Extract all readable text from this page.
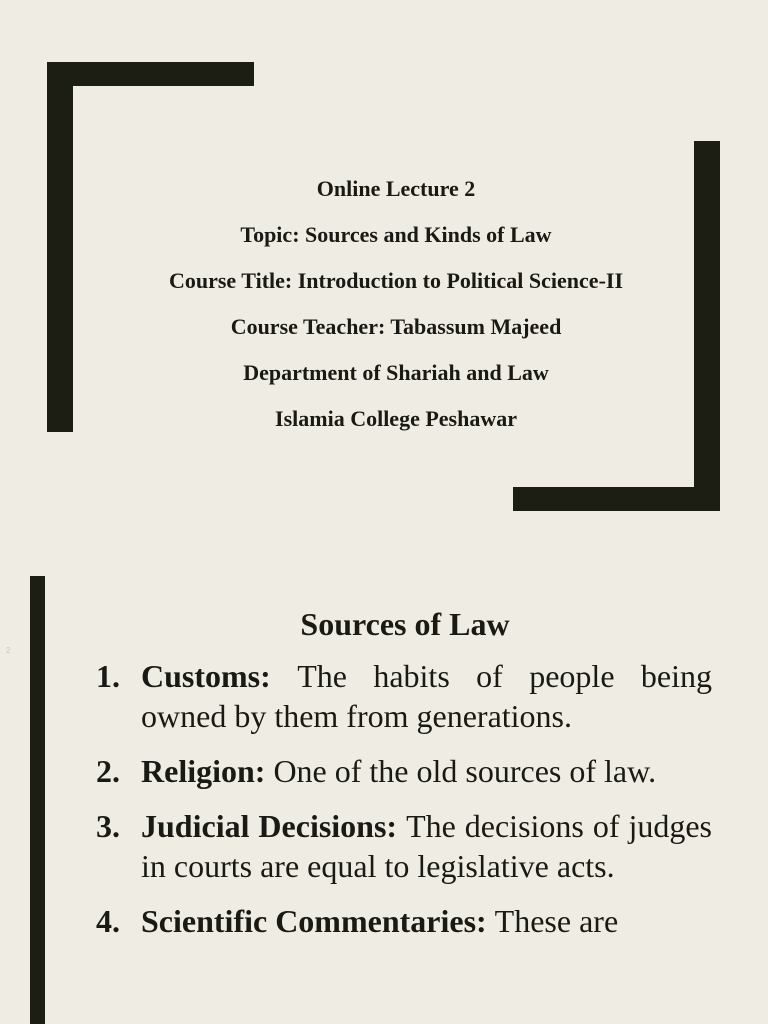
Online Lecture 2
Topic: Sources and Kinds of Law
Course Title: Introduction to Political Science-II
Course Teacher: Tabassum Majeed
Department of Shariah and Law
Islamia College Peshawar
2
Sources of Law
1. Customs: The habits of people being owned by them from generations.
2. Religion: One of the old sources of law.
3. Judicial Decisions: The decisions of judges in courts are equal to legislative acts.
4. Scientific Commentaries: These are
